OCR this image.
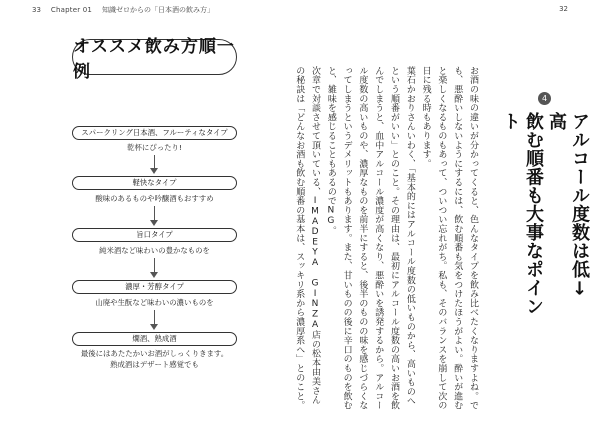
33 Chapter 01 知識ゼロからの「日本酒の飲み方」	32
オススメ飲み方順一例
スパークリング日本酒、フルーティなタイプ
乾杯にぴったり!
軽快なタイプ
酸味のあるものや吟醸酒もおすすめ
旨口タイプ
純米酒など味わいの豊かなものを
濃厚・芳醇タイプ
山廃や生酛など味わいの濃いものを
燗酒、熟成酒
最後にはあたたかいお酒がしっくりきます。
熟成酒はデザート感覚でも
4
アルコール度数は低↓高
飲む順番も大事なポイント

お酒の味の違いが分かってくると、色んなタイプを飲み比べたくなりますよね。でも、悪酔いしないようにするには、飲む順番も気をつけたほうがよい。酔いが進むと楽しくなるものもあって、ついつい忘れがち。私も、そのバランスを崩して次の日に残る時もあります。

葉石かおりさんいわく、「基本的にはアルコール度数の低いものから、高いものへという順番がいい」とのこと。その理由は、最初にアルコール度数の高いお酒を飲んでしまうと、血中アルコール濃度が高くなり、悪酔いを誘発するから。アルコール度数の高いものや、濃厚なものを前半にすると、後半のものの味を感じづらくなってしまうというデメリットもあります。また、甘いものの後に辛口のものを飲むと、雑味を感じることもあるのでNG。

次章で対談させて頂いている、IMADEYA GINZA店の松本由美さんの秘訣は「どんなお酒も飲む順番の基本は、スッキリ系から濃厚系へ」とのこと。
